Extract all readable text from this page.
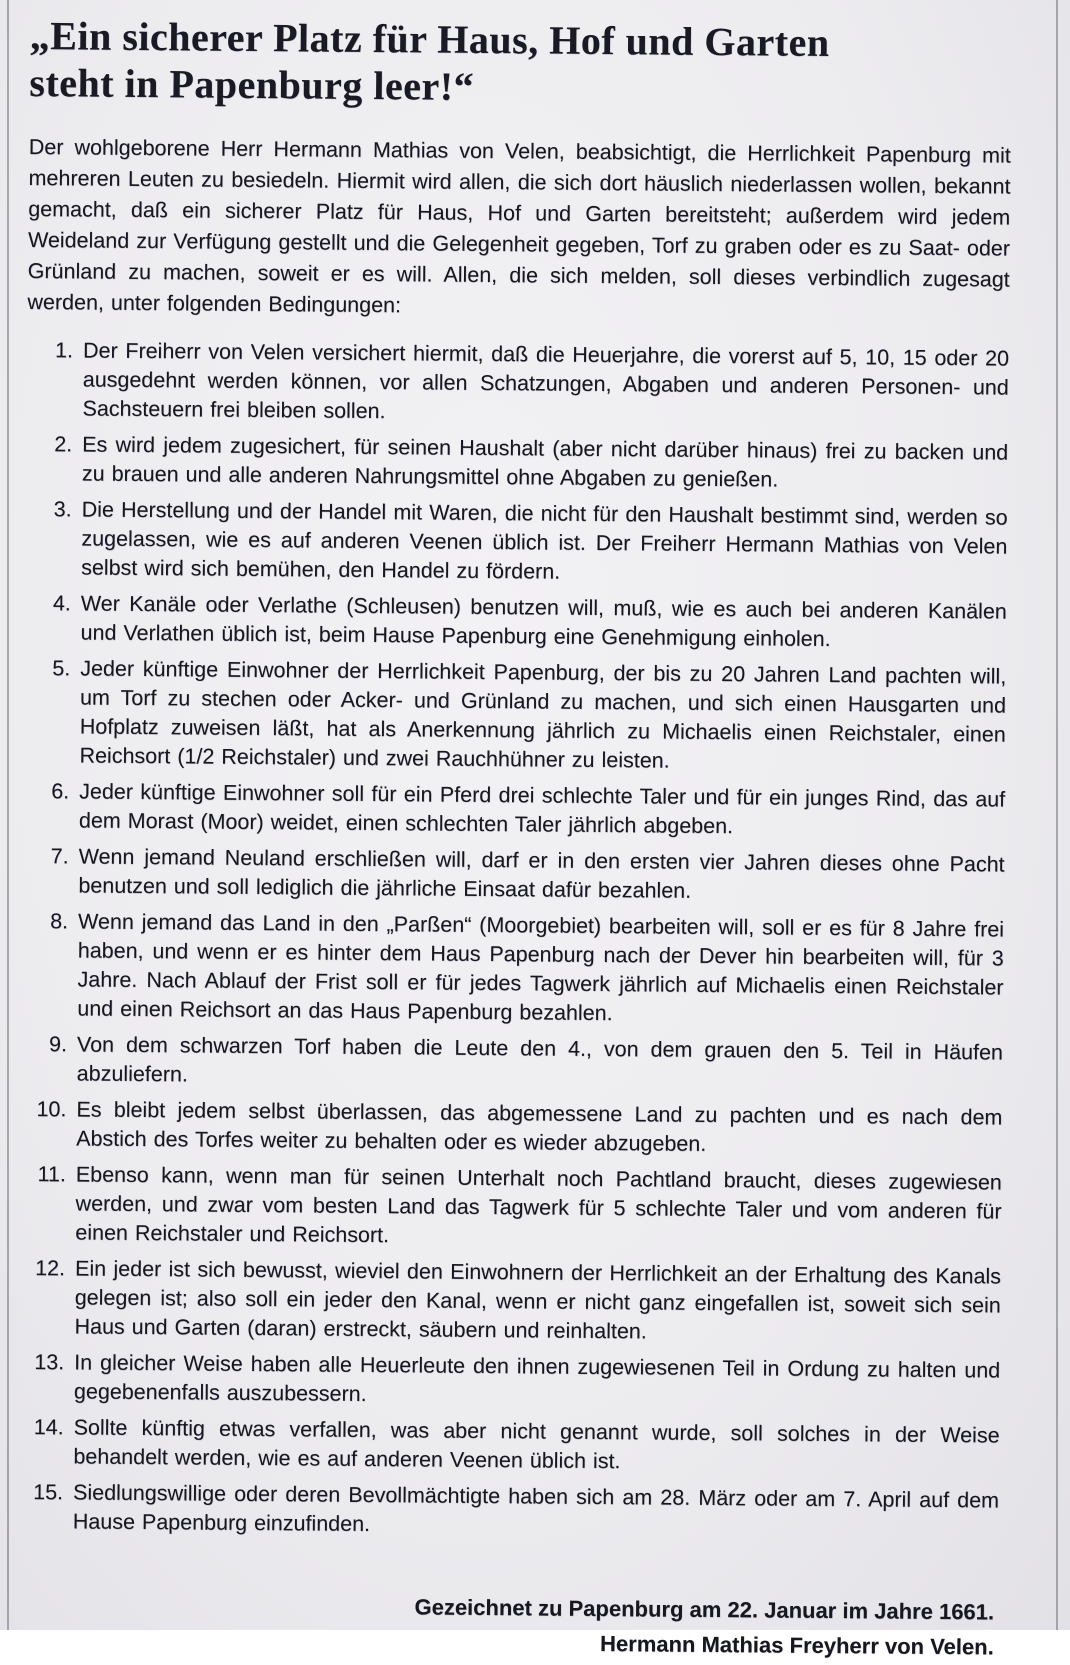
„Ein sicherer Platz für Haus, Hof und Garten
steht in Papenburg leer!“

Der wohlgeborene Herr Hermann Mathias von Velen, beabsichtigt, die Herrlichkeit Papenburg mit mehreren Leuten zu besiedeln. Hiermit wird allen, die sich dort häuslich niederlassen wollen, bekannt gemacht, daß ein sicherer Platz für Haus, Hof und Garten bereitsteht; außerdem wird jedem Weideland zur Verfügung gestellt und die Gelegenheit gegeben, Torf zu graben oder es zu Saat- oder Grünland zu machen, soweit er es will. Allen, die sich melden, soll dieses verbindlich zugesagt werden, unter folgenden Bedingungen:

1. Der Freiherr von Velen versichert hiermit, daß die Heuerjahre, die vorerst auf 5, 10, 15 oder 20 ausgedehnt werden können, vor allen Schatzungen, Abgaben und anderen Personen- und Sachsteuern frei bleiben sollen.
2. Es wird jedem zugesichert, für seinen Haushalt (aber nicht darüber hinaus) frei zu backen und zu brauen und alle anderen Nahrungsmittel ohne Abgaben zu genießen.
3. Die Herstellung und der Handel mit Waren, die nicht für den Haushalt bestimmt sind, werden so zugelassen, wie es auf anderen Veenen üblich ist. Der Freiherr Hermann Mathias von Velen selbst wird sich bemühen, den Handel zu fördern.
4. Wer Kanäle oder Verlathe (Schleusen) benutzen will, muß, wie es auch bei anderen Kanälen und Verlathen üblich ist, beim Hause Papenburg eine Genehmigung einholen.
5. Jeder künftige Einwohner der Herrlichkeit Papenburg, der bis zu 20 Jahren Land pachten will, um Torf zu stechen oder Acker- und Grünland zu machen, und sich einen Hausgarten und Hofplatz zuweisen läßt, hat als Anerkennung jährlich zu Michaelis einen Reichstaler, einen Reichsort (1/2 Reichstaler) und zwei Rauchhühner zu leisten.
6. Jeder künftige Einwohner soll für ein Pferd drei schlechte Taler und für ein junges Rind, das auf dem Morast (Moor) weidet, einen schlechten Taler jährlich abgeben.
7. Wenn jemand Neuland erschließen will, darf er in den ersten vier Jahren dieses ohne Pacht benutzen und soll lediglich die jährliche Einsaat dafür bezahlen.
8. Wenn jemand das Land in den „Parßen“ (Moorgebiet) bearbeiten will, soll er es für 8 Jahre frei haben, und wenn er es hinter dem Haus Papenburg nach der Dever hin bearbeiten will, für 3 Jahre. Nach Ablauf der Frist soll er für jedes Tagwerk jährlich auf Michaelis einen Reichstaler und einen Reichsort an das Haus Papenburg bezahlen.
9. Von dem schwarzen Torf haben die Leute den 4., von dem grauen den 5. Teil in Häufen abzuliefern.
10. Es bleibt jedem selbst überlassen, das abgemessene Land zu pachten und es nach dem Abstich des Torfes weiter zu behalten oder es wieder abzugeben.
11. Ebenso kann, wenn man für seinen Unterhalt noch Pachtland braucht, dieses zugewiesen werden, und zwar vom besten Land das Tagwerk für 5 schlechte Taler und vom anderen für einen Reichstaler und Reichsort.
12. Ein jeder ist sich bewusst, wieviel den Einwohnern der Herrlichkeit an der Erhaltung des Kanals gelegen ist; also soll ein jeder den Kanal, wenn er nicht ganz eingefallen ist, soweit sich sein Haus und Garten (daran) erstreckt, säubern und reinhalten.
13. In gleicher Weise haben alle Heuerleute den ihnen zugewiesenen Teil in Ordung zu halten und gegebenenfalls auszubessern.
14. Sollte künftig etwas verfallen, was aber nicht genannt wurde, soll solches in der Weise behandelt werden, wie es auf anderen Veenen üblich ist.
15. Siedlungswillige oder deren Bevollmächtigte haben sich am 28. März oder am 7. April auf dem Hause Papenburg einzufinden.
Gezeichnet zu Papenburg am 22. Januar im Jahre 1661.
Hermann Mathias Freyherr von Velen.
